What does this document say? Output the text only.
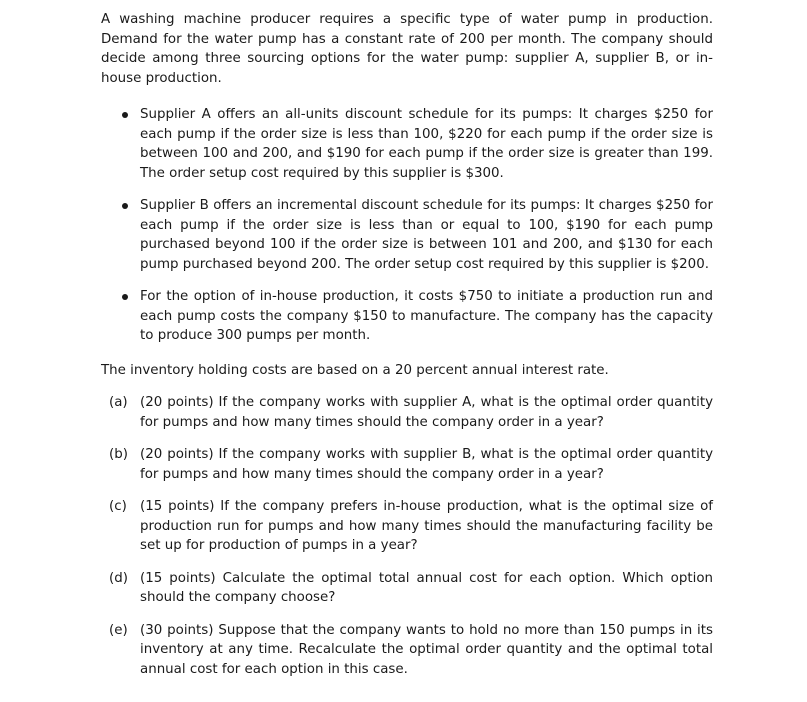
A washing machine producer requires a specific type of water pump in production. Demand for the water pump has a constant rate of 200 per month. The company should decide among three sourcing options for the water pump: supplier A, supplier B, or in-house production.

Supplier A offers an all-units discount schedule for its pumps: It charges $250 for each pump if the order size is less than 100, $220 for each pump if the order size is between 100 and 200, and $190 for each pump if the order size is greater than 199. The order setup cost required by this supplier is $300.
Supplier B offers an incremental discount schedule for its pumps: It charges $250 for each pump if the order size is less than or equal to 100, $190 for each pump purchased beyond 100 if the order size is between 101 and 200, and $130 for each pump purchased beyond 200. The order setup cost required by this supplier is $200.
For the option of in-house production, it costs $750 to initiate a production run and each pump costs the company $150 to manufacture. The company has the capacity to produce 300 pumps per month.

The inventory holding costs are based on a 20 percent annual interest rate.

(a) (20 points) If the company works with supplier A, what is the optimal order quantity for pumps and how many times should the company order in a year?
(b) (20 points) If the company works with supplier B, what is the optimal order quantity for pumps and how many times should the company order in a year?
(c) (15 points) If the company prefers in-house production, what is the optimal size of production run for pumps and how many times should the manufacturing facility be set up for production of pumps in a year?
(d) (15 points) Calculate the optimal total annual cost for each option. Which option should the company choose?
(e) (30 points) Suppose that the company wants to hold no more than 150 pumps in its inventory at any time. Recalculate the optimal order quantity and the optimal total annual cost for each option in this case.
